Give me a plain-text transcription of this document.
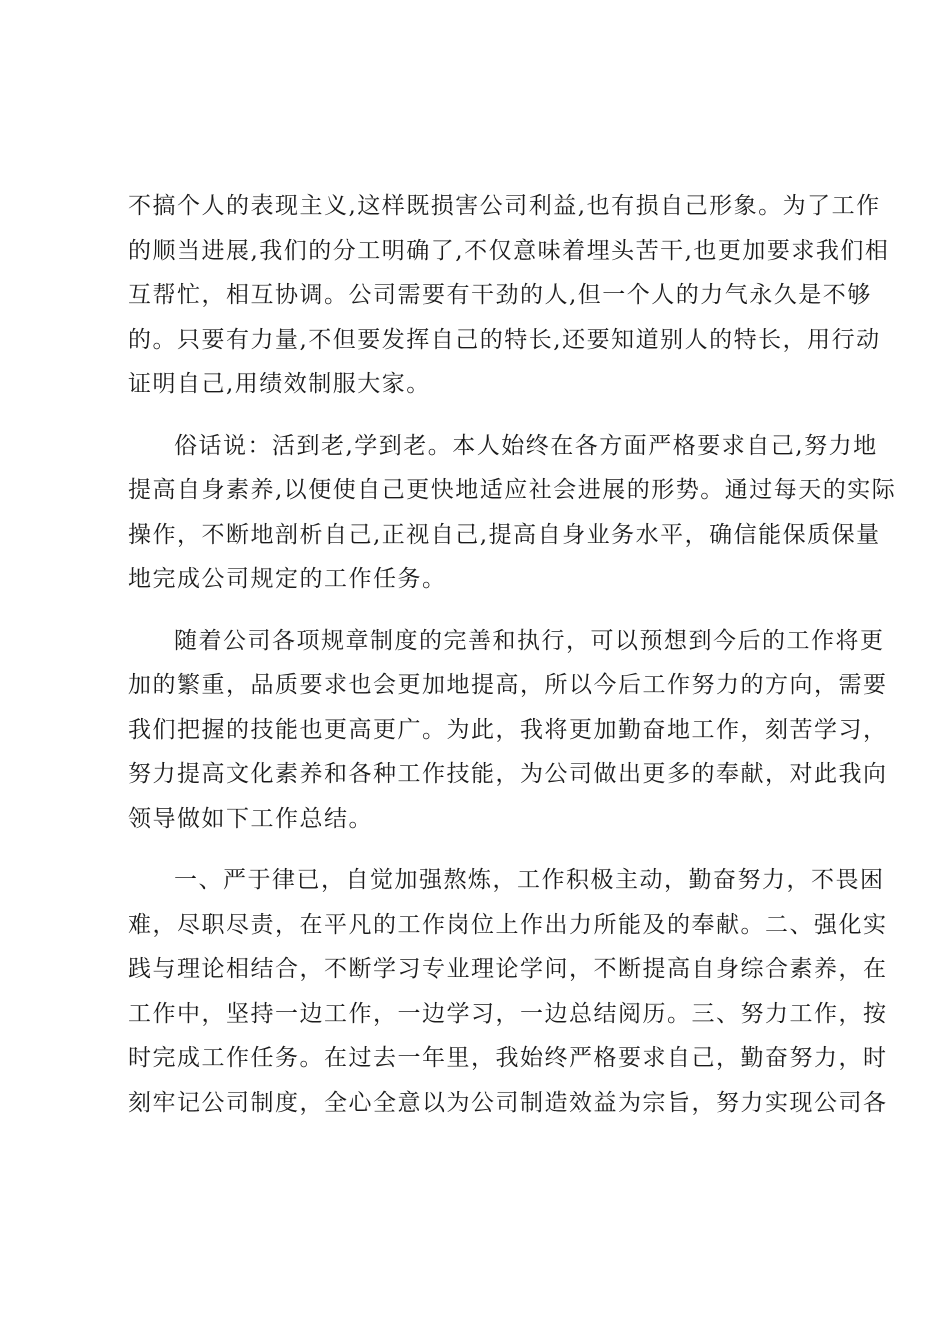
不搞个人的表现主义,这样既损害公司利益,也有损自己形象。为了工作
的顺当进展,我们的分工明确了,不仅意味着埋头苦干,也更加要求我们相
互帮忙，相互协调。公司需要有干劲的人,但一个人的力气永久是不够
的。只要有力量,不但要发挥自己的特长,还要知道别人的特长，用行动
证明自己,用绩效制服大家。
俗话说：活到老,学到老。本人始终在各方面严格要求自己,努力地
提高自身素养,以便使自己更快地适应社会进展的形势。通过每天的实际
操作，不断地剖析自己,正视自己,提高自身业务水平，确信能保质保量
地完成公司规定的工作任务。
随着公司各项规章制度的完善和执行，可以预想到今后的工作将更
加的繁重，品质要求也会更加地提高，所以今后工作努力的方向，需要
我们把握的技能也更高更广。为此，我将更加勤奋地工作，刻苦学习，
努力提高文化素养和各种工作技能，为公司做出更多的奉献，对此我向
领导做如下工作总结。
一、严于律已，自觉加强熬炼，工作积极主动，勤奋努力，不畏困
难，尽职尽责，在平凡的工作岗位上作出力所能及的奉献。二、强化实
践与理论相结合，不断学习专业理论学问，不断提高自身综合素养，在
工作中，坚持一边工作，一边学习，一边总结阅历。三、努力工作，按
时完成工作任务。在过去一年里，我始终严格要求自己，勤奋努力，时
刻牢记公司制度，全心全意以为公司制造效益为宗旨，努力实现公司各
